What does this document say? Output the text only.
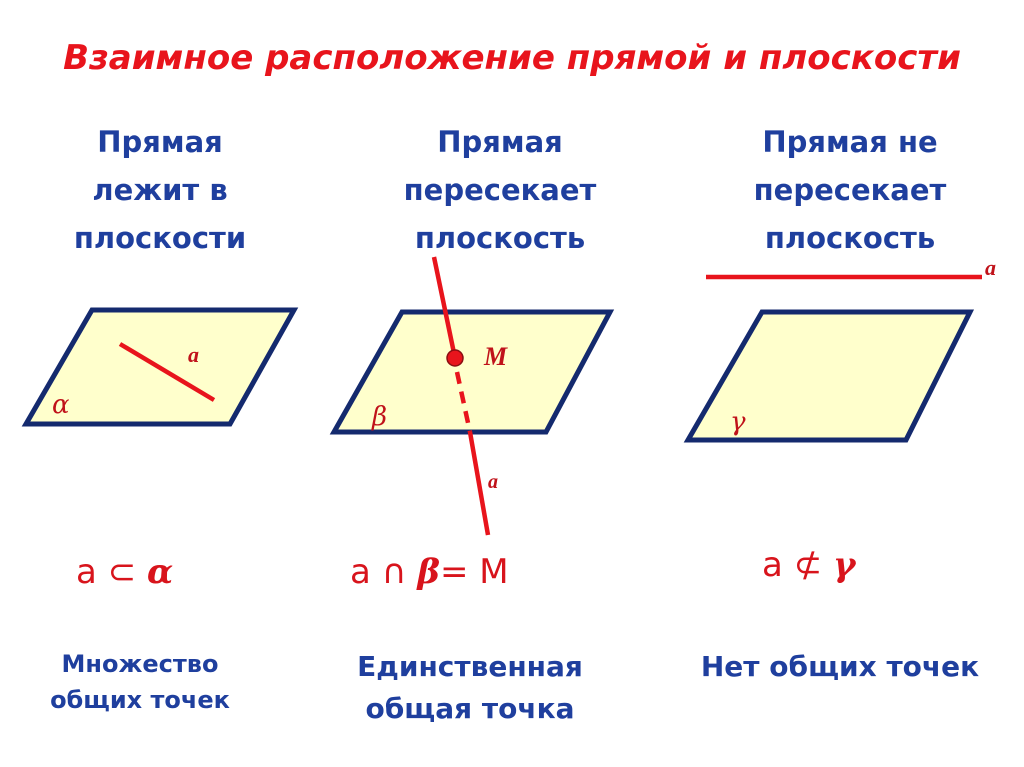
Взаимное расположение прямой и плоскости
Прямая
лежит в
плоскости
Прямая
пересекает
плоскость
Прямая не
пересекает
плоскость
a
α
M
a
β
a
γ
a ⊂ α	a ∩ β= M	a ⊄ γ
Множество
общих точек
Единственная
общая точка
Нет общих точек
